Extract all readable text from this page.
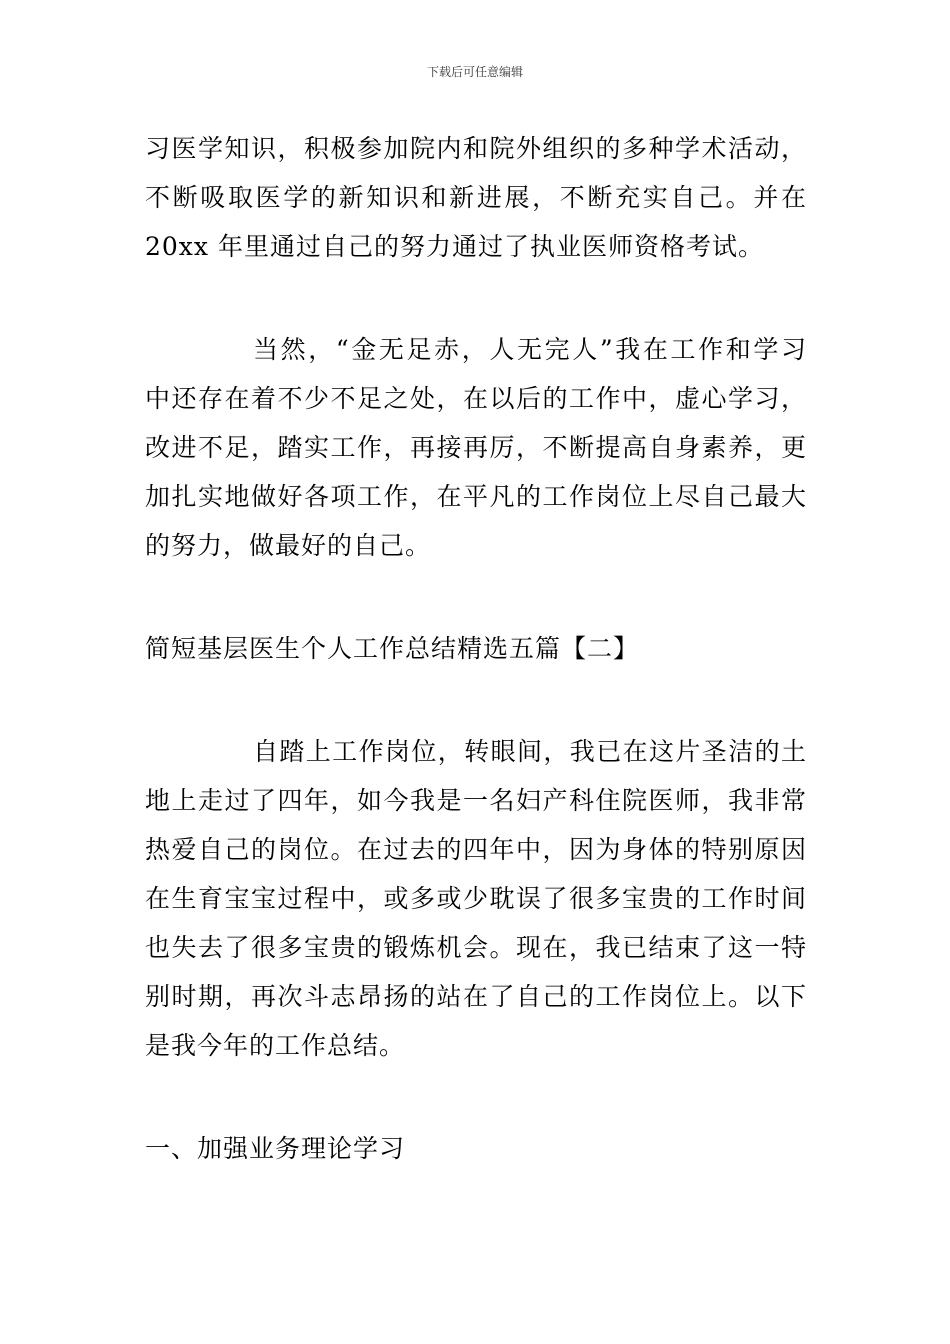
下载后可任意编辑
习医学知识，积极参加院内和院外组织的多种学术活动，
不断吸取医学的新知识和新进展，不断充实自己。并在
20xx 年里通过自己的努力通过了执业医师资格考试。
当然，“金无足赤，人无完人”我在工作和学习
中还存在着不少不足之处，在以后的工作中，虚心学习，
改进不足，踏实工作，再接再厉，不断提高自身素养，更
加扎实地做好各项工作，在平凡的工作岗位上尽自己最大
的努力，做最好的自己。
简短基层医生个人工作总结精选五篇【二】
自踏上工作岗位，转眼间，我已在这片圣洁的土
地上走过了四年，如今我是一名妇产科住院医师，我非常
热爱自己的岗位。在过去的四年中，因为身体的特别原因
在生育宝宝过程中，或多或少耽误了很多宝贵的工作时间
也失去了很多宝贵的锻炼机会。现在，我已结束了这一特
别时期，再次斗志昂扬的站在了自己的工作岗位上。以下
是我今年的工作总结。
一、加强业务理论学习
